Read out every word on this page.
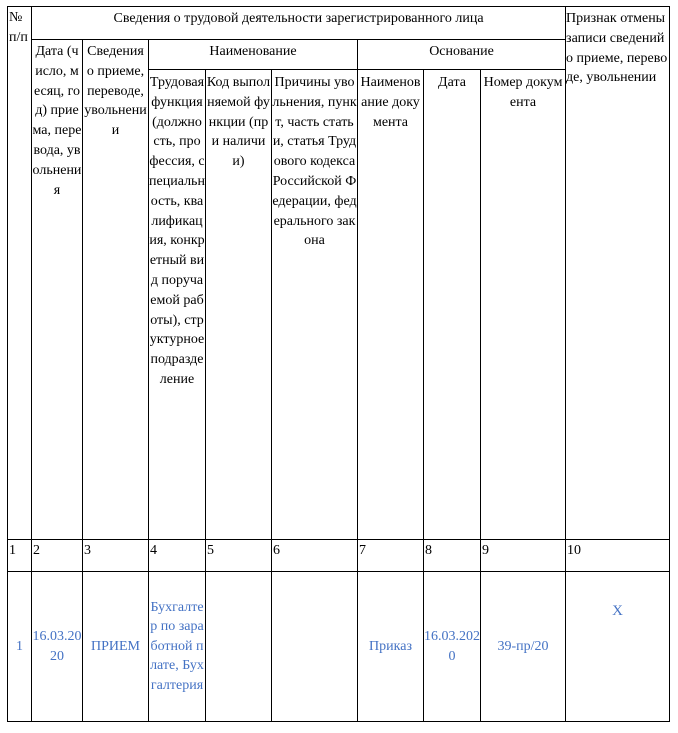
№ п/п	Сведения о трудовой деятельности зарегистрированного лица								Признак отмены записи сведений о приеме, переводе, увольнении
	Дата (число, месяц, год) приема, перевода, увольнения	Сведения о приеме, переводе, увольнении	Наименование			Основание			
			Трудовая функция (должность, профессия, специальность, квалификация, конкретный вид поручаемой работы), структурное подразделение	Код выполняемой функции (при наличии)	Причины увольнения, пункт, часть статьи, статья Трудового кодекса Российской Федерации, федерального закона	Наименование документа	Дата	Номер документа	
1	2	3	4	5	6	7	8	9	10
1	16.03.2020	ПРИЕМ	Бухгалтер по заработной плате, Бухгалтерия			Приказ	16.03.2020	39-пр/20	X
